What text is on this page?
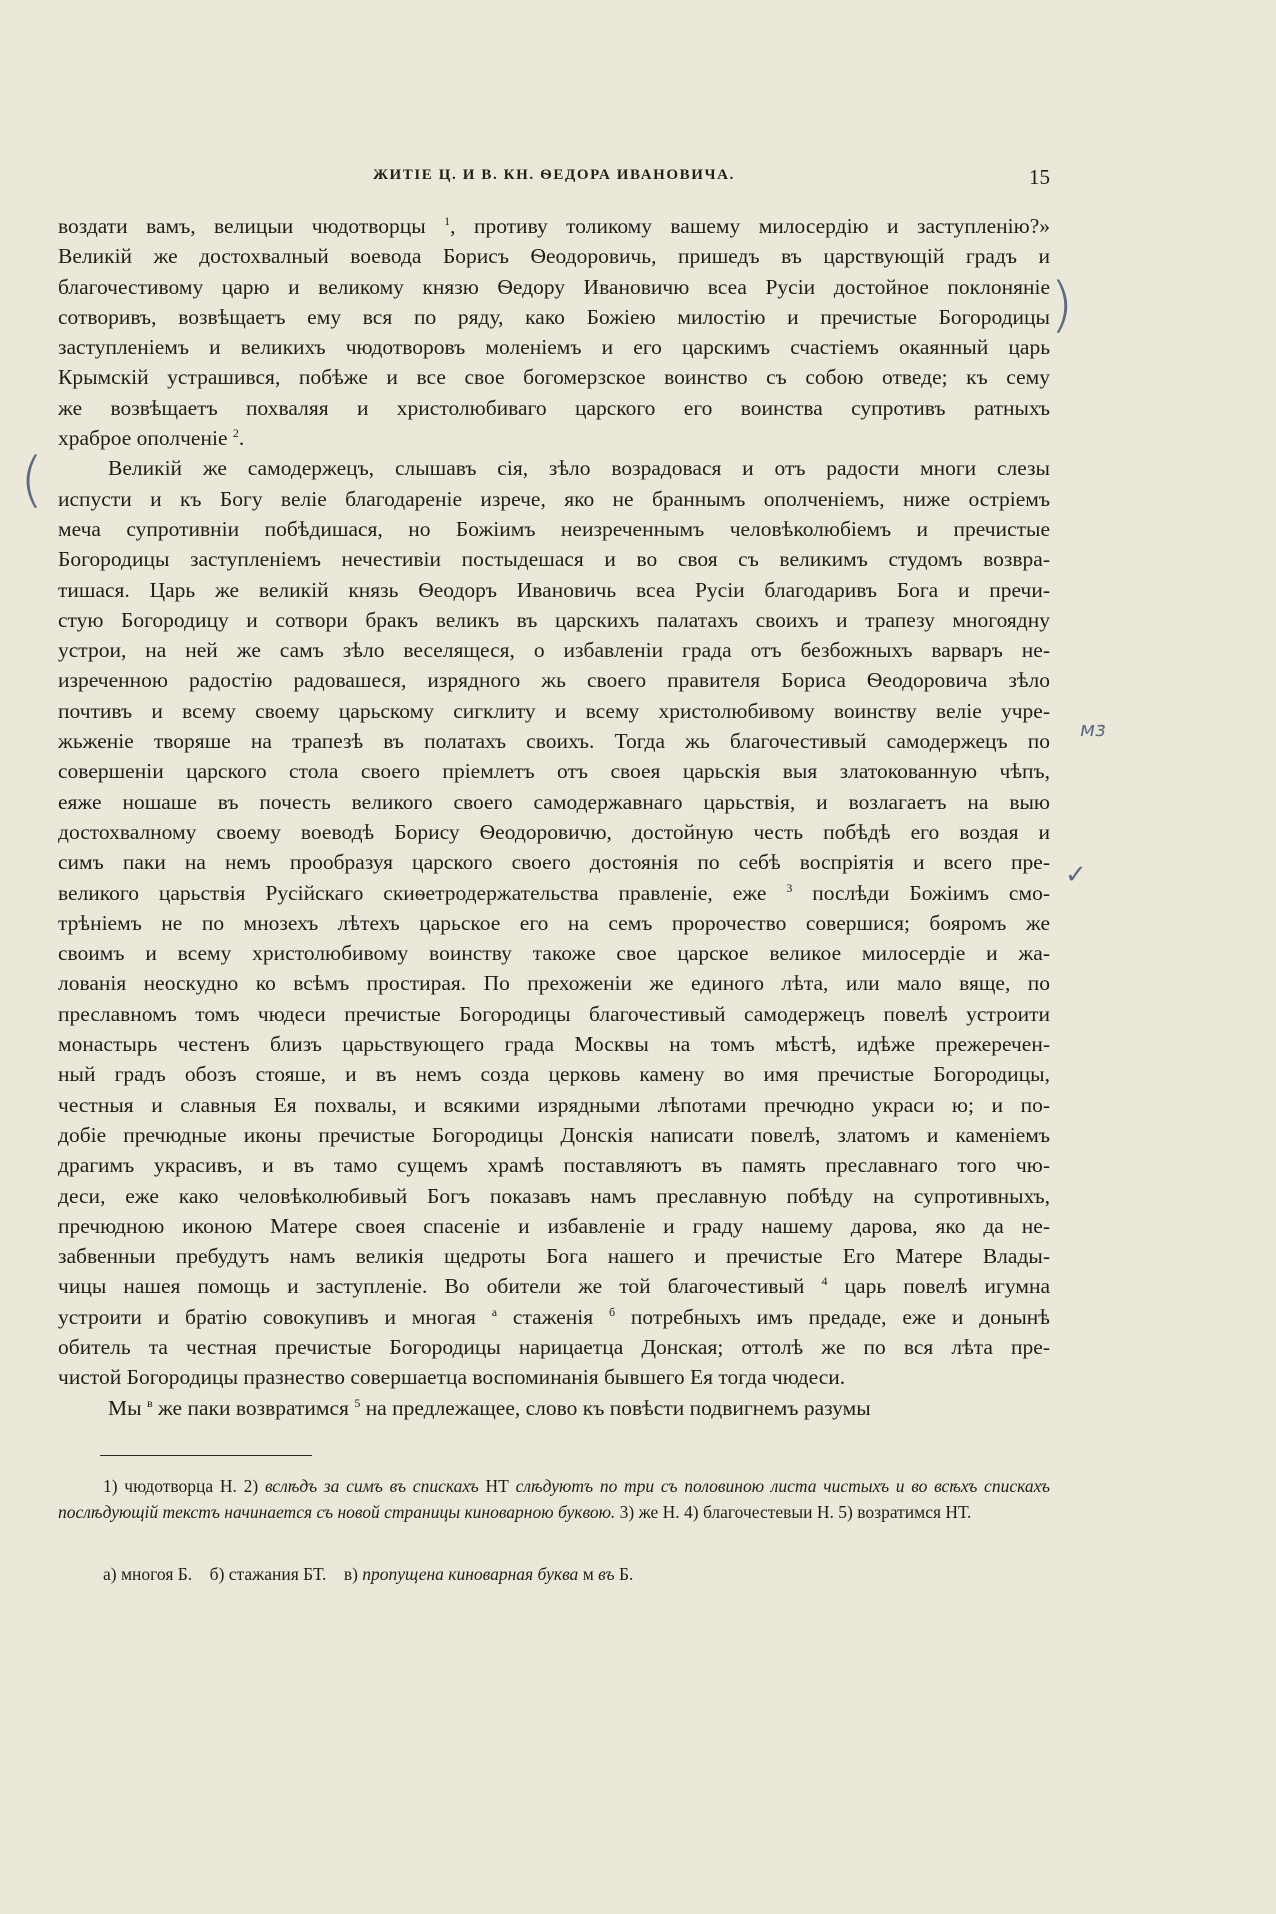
ЖИТІЕ Ц. И В. КН. ѲЕДОРА ИВАНОВИЧА.	15
воздати вамъ, велицыи чюдотворцы $^1$, противу толикому вашему милосердію и заступленію?»
Великій же достохвалный воевода Борисъ Ѳеодоровичь, пришедъ въ царствующій градъ и
благочестивому царю и великому князю Ѳедору Ивановичю всеа Русіи достойное поклоняніе
сотворивъ, возвѣщаетъ ему вся по ряду, како Божіею милостію и пречистые Богородицы
заступленіемъ и великихъ чюдотворовъ моленіемъ и его царскимъ счастіемъ окаянный царь
Крымскій устрашився, побѣже и все свое богомерзское воинство съ собою отведе; къ сему
же возвѣщаетъ похваляя и христолюбиваго царского его воинства супротивъ ратныхъ
храброе ополченіе $^2$.
Великій же самодержецъ, слышавъ сія, зѣло возрадовася и отъ радости многи слезы
испусти и къ Богу веліе благодареніе изрече, яко не браннымъ ополченіемъ, ниже остріемъ
меча супротивніи побѣдишася, но Божіимъ неизреченнымъ человѣколюбіемъ и пречистые
Богородицы заступленіемъ нечестивіи постыдешася и во своя съ великимъ студомъ возвра-
тишася. Царь же великій князь Ѳеодоръ Ивановичь всеа Русіи благодаривъ Бога и пречи-
стую Богородицу и сотвори бракъ великъ въ царскихъ палатахъ своихъ и трапезу многоядну
устрои, на ней же самъ зѣло веселящеся, о избавленіи града отъ безбожныхъ варваръ не-
изреченною радостію радовашеся, изрядного жь своего правителя Бориса Ѳеодоровича зѣло
почтивъ и всему своему царьскому сигклиту и всему христолюбивому воинству веліе учре-
жьженіе творяше на трапезѣ въ полатахъ своихъ. Тогда жь благочестивый самодержецъ по
совершеніи царского стола своего пріемлетъ отъ своея царьскія выя златокованную чѣпъ,
еяже ношаше въ почесть великого своего самодержавнаго царьствія, и возлагаетъ на выю
достохвалному своему воеводѣ Борису Ѳеодоровичю, достойную честь побѣдѣ его воздая и
симъ паки на немъ прообразуя царского своего достоянія по себѣ воспріятія и всего пре-
великого царьствія Русійскаго скиѳетродержательства правленіе, еже $^3$ послѣди Божіимъ смо-
трѣніемъ не по мнозехъ лѣтехъ царьское его на семъ пророчество совершися; бояромъ же
своимъ и всему христолюбивому воинству такоже свое царское великое милосердіе и жа-
лованія неоскудно ко всѣмъ простирая. По прехоженіи же единого лѣта, или мало вяще, по
преславномъ томъ чюдеси пречистые Богородицы благочестивый самодержецъ повелѣ устроити
монастырь честенъ близъ царьствующего града Москвы на томъ мѣстѣ, идѣже прежеречен-
ный градъ обозъ стояше, и въ немъ созда церковь камену во имя пречистые Богородицы,
честныя и славныя Ея похвалы, и всякими изрядными лѣпотами пречюдно украси ю; и по-
добіе пречюдные иконы пречистые Богородицы Донскія написати повелѣ, златомъ и каменіемъ
драгимъ украсивъ, и въ тамо сущемъ храмѣ поставляютъ въ память преславнаго того чю-
деси, еже како человѣколюбивый Богъ показавъ намъ преславную побѣду на супротивныхъ,
пречюдною иконою Матере своея спасеніе и избавленіе и граду нашему дарова, яко да не-
забвенныи пребудутъ намъ великія щедроты Бога нашего и пречистые Его Матере Влады-
чицы нашея помощь и заступленіе. Во обители же той благочестивый $^4$ царь повелѣ игумна
устроити и братію совокупивъ и многая $^а$ стаженія $^б$ потребныхъ имъ предаде, еже и донынѣ
обитель та честная пречистые Богородицы нарицаетца Донская; оттолѣ же по вся лѣта пре-
чистой Богородицы празнество совершаетца воспоминанія бывшего Ея тогда чюдеси.
Мы $^в$ же паки возвратимся $^5$ на предлежащее, слово къ повѣсти подвигнемъ разумы

1) чюдотворца Н. 2) вслѣдъ за симъ въ спискахъ НТ слѣдуютъ по три съ половиною листа чистыхъ и во всѣхъ спискахъ послѣдующій текстъ начинается съ новой страницы киноварною буквою. 3) же Н. 4) благочестевыи Н. 5) возратимся НТ.

а) многоя Б.    б) стажания БТ.    в) пропущена киноварная буква м въ Б.
мз
✓
(
)
